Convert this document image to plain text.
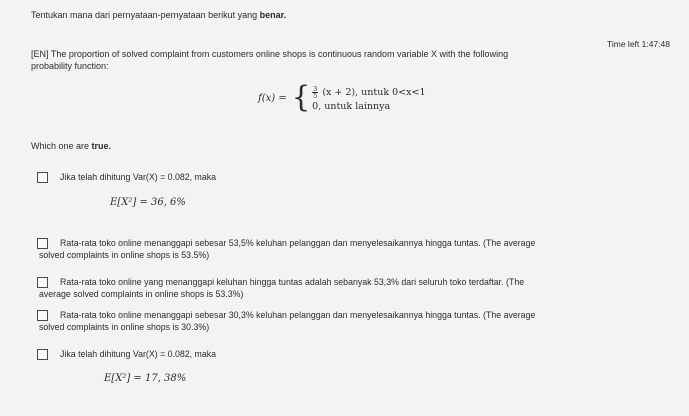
Tentukan mana dari pernyataan-pernyataan berikut yang benar.
Time left 1:47:48
[EN] The proportion of solved complaint from customers online shops is continuous random variable X with the following
probability function:
f(x) = { $\frac{3}{5} (x + 2)$, untuk 0<x<1
0, untuk lainnya
Which one are true.
Jika telah dihitung Var(X) = 0.082, maka
E[X²] = 36, 6%
Rata-rata toko online menanggapi sebesar 53,5% keluhan pelanggan dan menyelesaikannya hingga tuntas. (The average
solved complaints in online shops is 53.5%)
Rata-rata toko online yang menanggapi keluhan hingga tuntas adalah sebanyak 53,3% dari seluruh toko terdaftar. (The
average solved complaints in online shops is 53.3%)
Rata-rata toko online menanggapi sebesar 30,3% keluhan pelanggan dan menyelesaikannya hingga tuntas. (The average
solved complaints in online shops is 30.3%)
Jika telah dihitung Var(X) = 0.082, maka
E[X²] = 17, 38%
